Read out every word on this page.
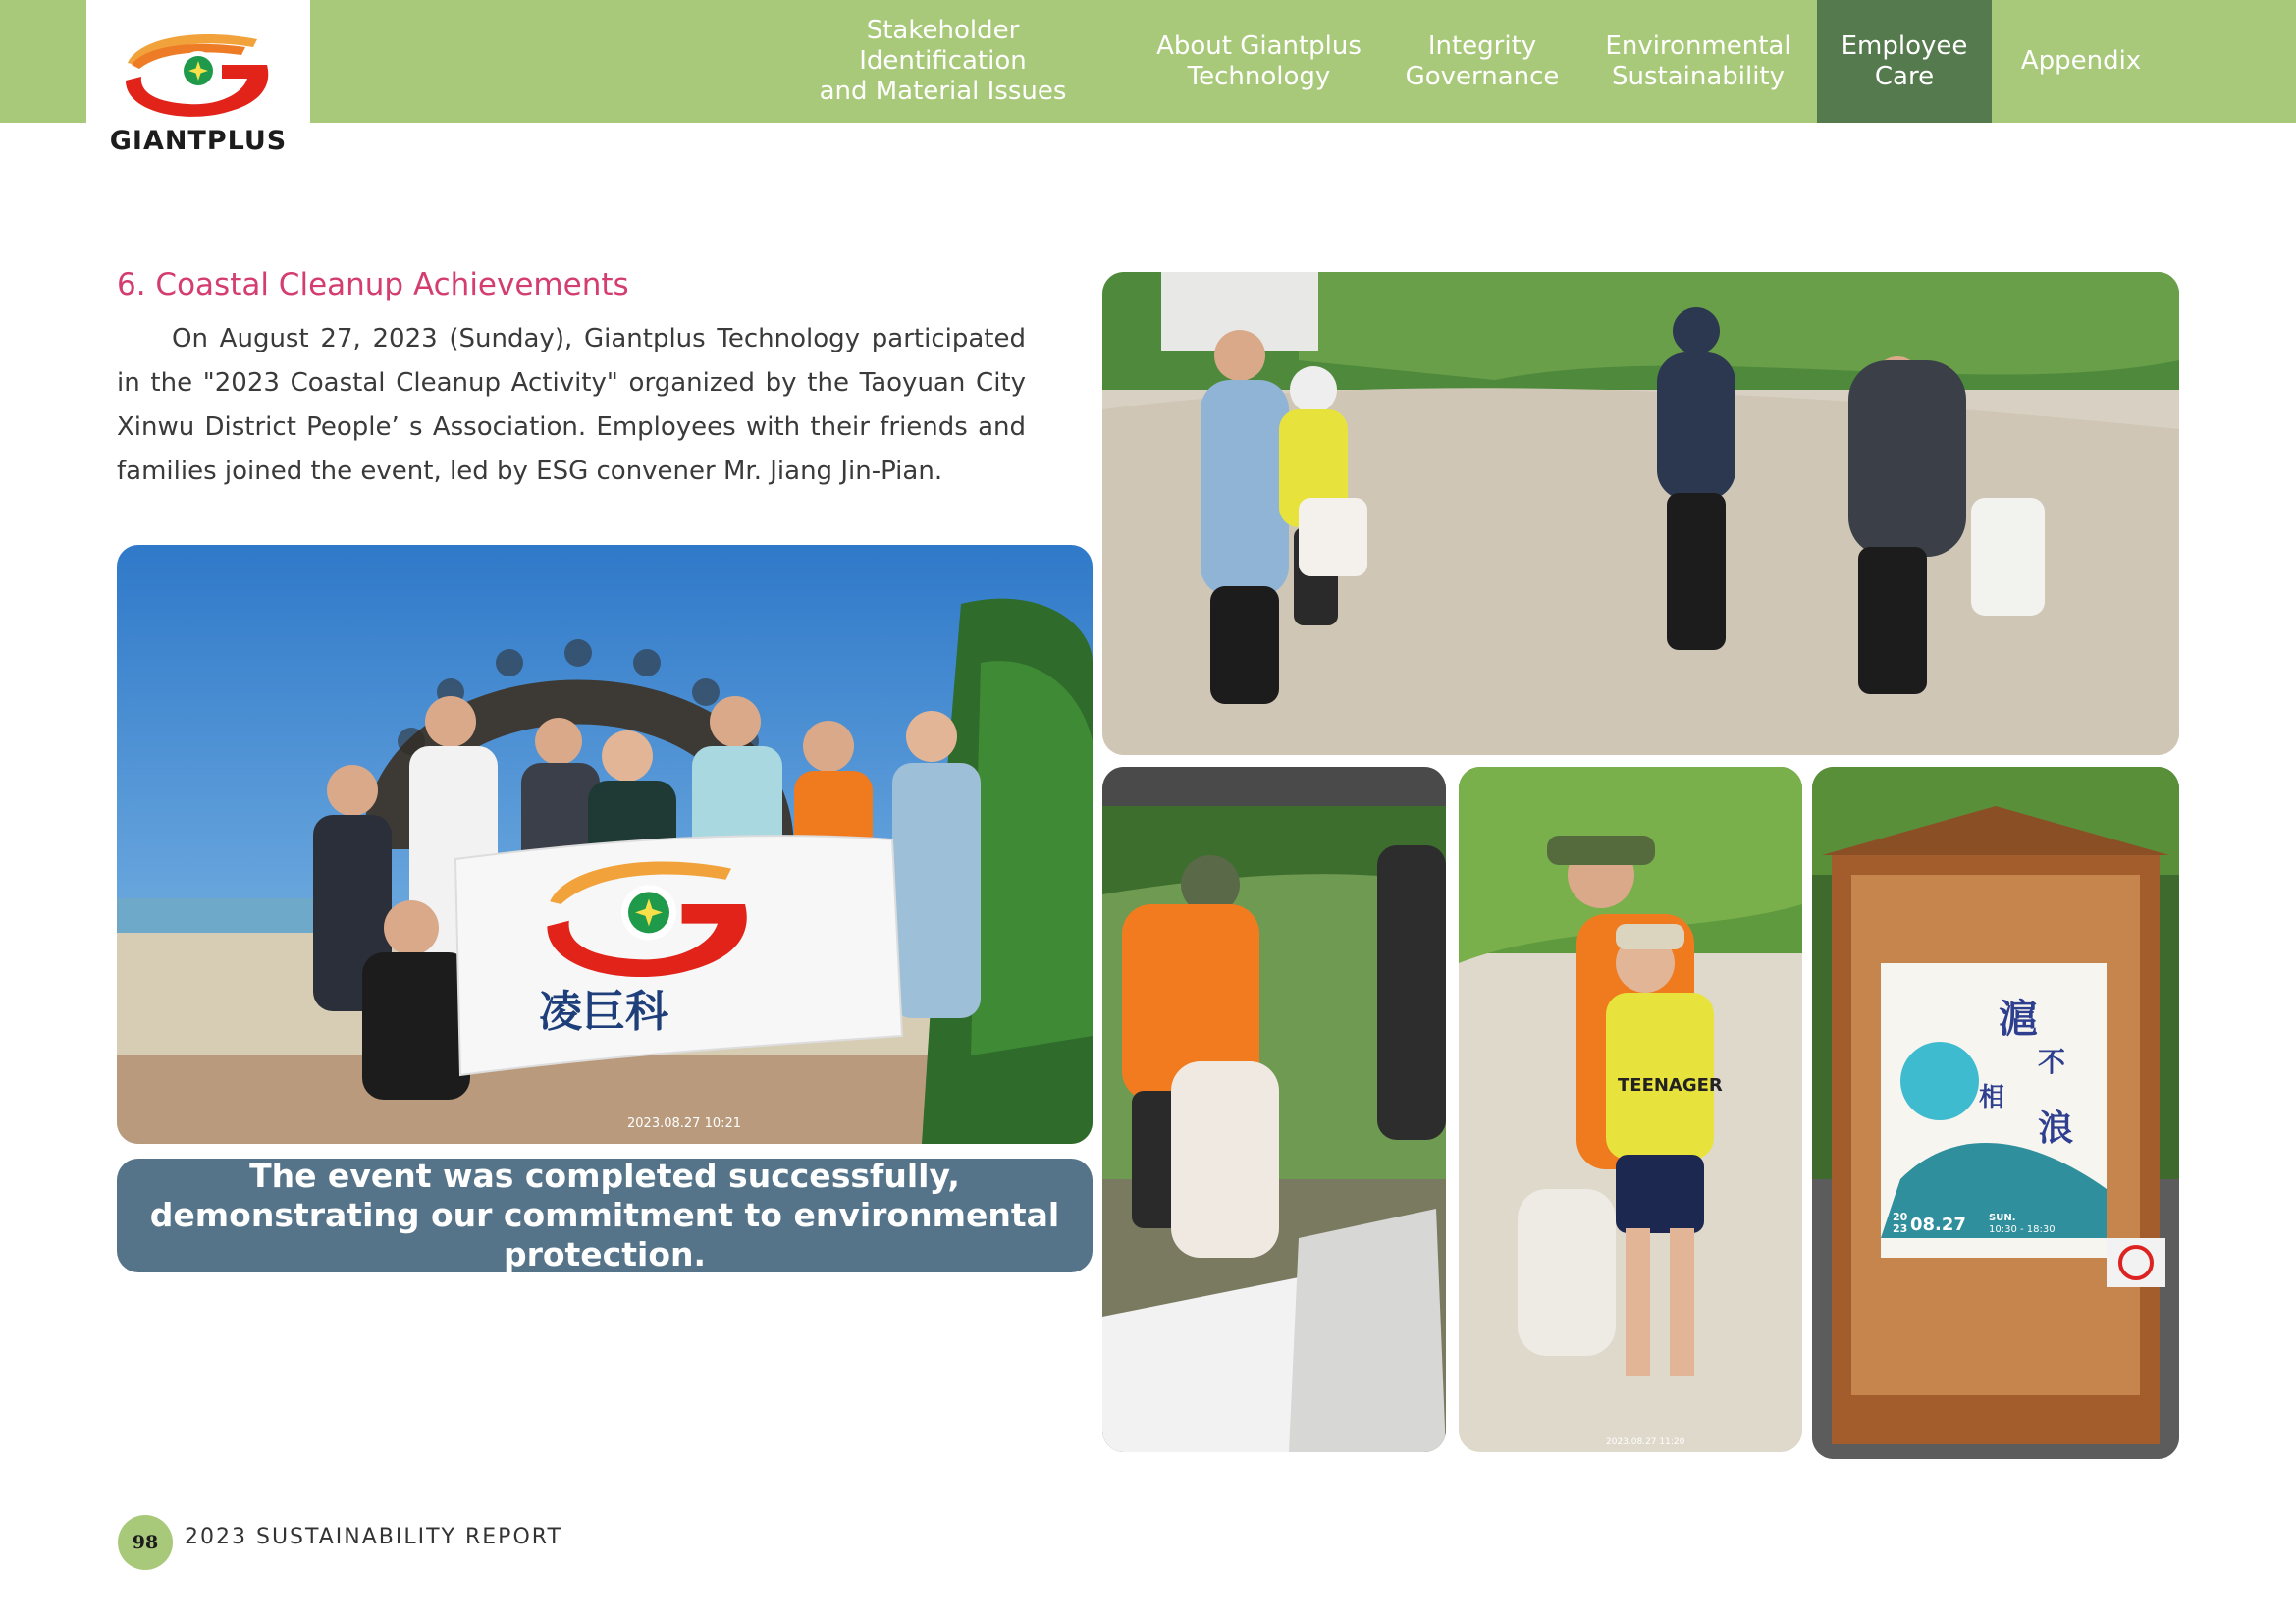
GIANTPLUS
Stakeholder Identification
and Material Issues
About Giantplus
Technology
Integrity
Governance
Environmental
Sustainability
Employee
Care
Appendix
6. Coastal Cleanup Achievements
On August 27, 2023 (Sunday), Giantplus Technology participated in the "2023 Coastal Cleanup Activity" organized by the Taoyuan City Xinwu District People’ s Association. Employees with their friends and families joined the event, led by ESG convener Mr. Jiang Jin-Pian.
凌巨科
2023.08.27 10:21
The event was completed successfully, demonstrating our commitment to environmental protection.
TEENAGER
2023.08.27 11:20
滬
不
相
浪
20
23 08.27 SUN.
10:30 - 18:30
98	2023 SUSTAINABILITY REPORT
